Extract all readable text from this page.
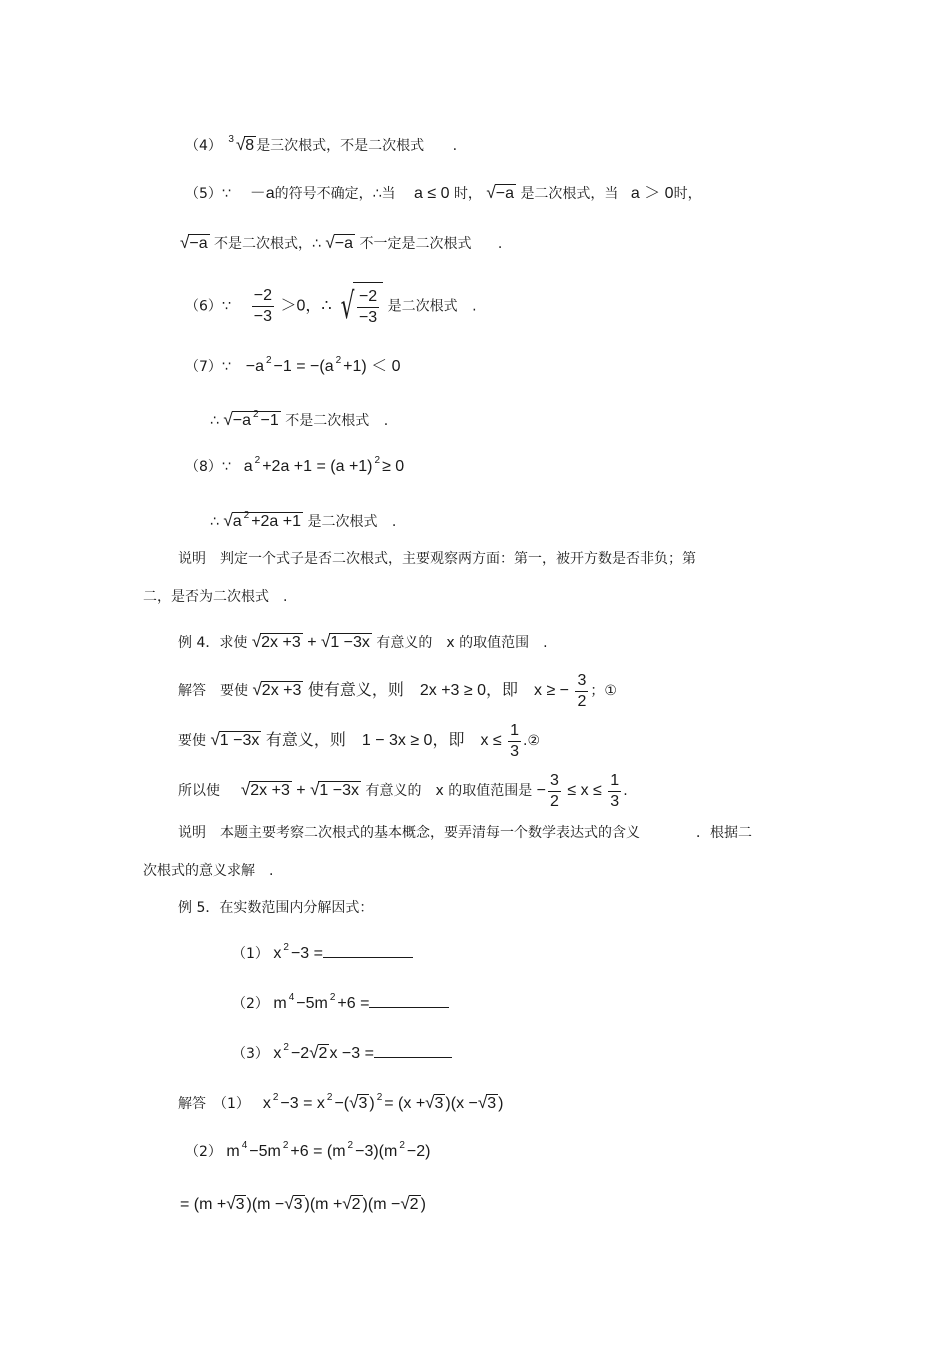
（4） $^3$ √8 是三次根式，不是二次根式 .
（5）∵ －a的符号不确定，∴当 a ≤ 0 时， √−a 是二次根式，当 a ＞ 0时，
√−a 不是二次根式，∴ √−a 不一定是二次根式 .
（6）∵ $\frac{-2}{-3} >0$，∴ √ $\frac{-2}{-3}$ 是二次根式 .
（7）∵ −a $^2$ −1 = −(a $^2$ +1) ＜ 0
∴ √−a $^2$ −1 不是二次根式 .
（8）∵ a $^2$ +2a +1 = (a +1) $^2$ ≥ 0
∴ √a $^2$ +2a +1 是二次根式 .
说明　判定一个式子是否二次根式，主要观察两方面：第一，被开方数是否非负；第
二，是否为二次根式　.
例 4．求使 √2x +3 + √1 −3x 有意义的　x 的取值范围　.
解答　要使 √2x +3 使有意义，则　2x +3 ≥ 0，即　x ≥ − $\frac{3}{2}$ ；①
要使 √1 −3x 有意义，则　1 − 3x ≥ 0，即　$x \le \frac{1}{3}$ .②
所以使 √2x +3 + √1 −3x 有意义的　x 的取值范围是 − $\frac{3}{2} \le x \le \frac{1}{3}$ .
说明　本题主要考察二次根式的基本概念，要弄清每一个数学表达式的含义　　　　．根据二
次根式的意义求解　.
例 5．在实数范围内分解因式：
（1） x $^2$ −3 =
（2） m $^4$ −5m $^2$ +6 =
（3） x $^2$ −2√2 x −3 =
解答　（1） x $^2$ −3 = x $^2$ −(√3 ) $^2$ = (x +√3 )(x −√3 )
（2） m $^4$ −5m $^2$ +6 = (m $^2$ −3)(m $^2$ −2)
= (m +√3 )(m −√3 )(m +√2 )(m −√2 )
